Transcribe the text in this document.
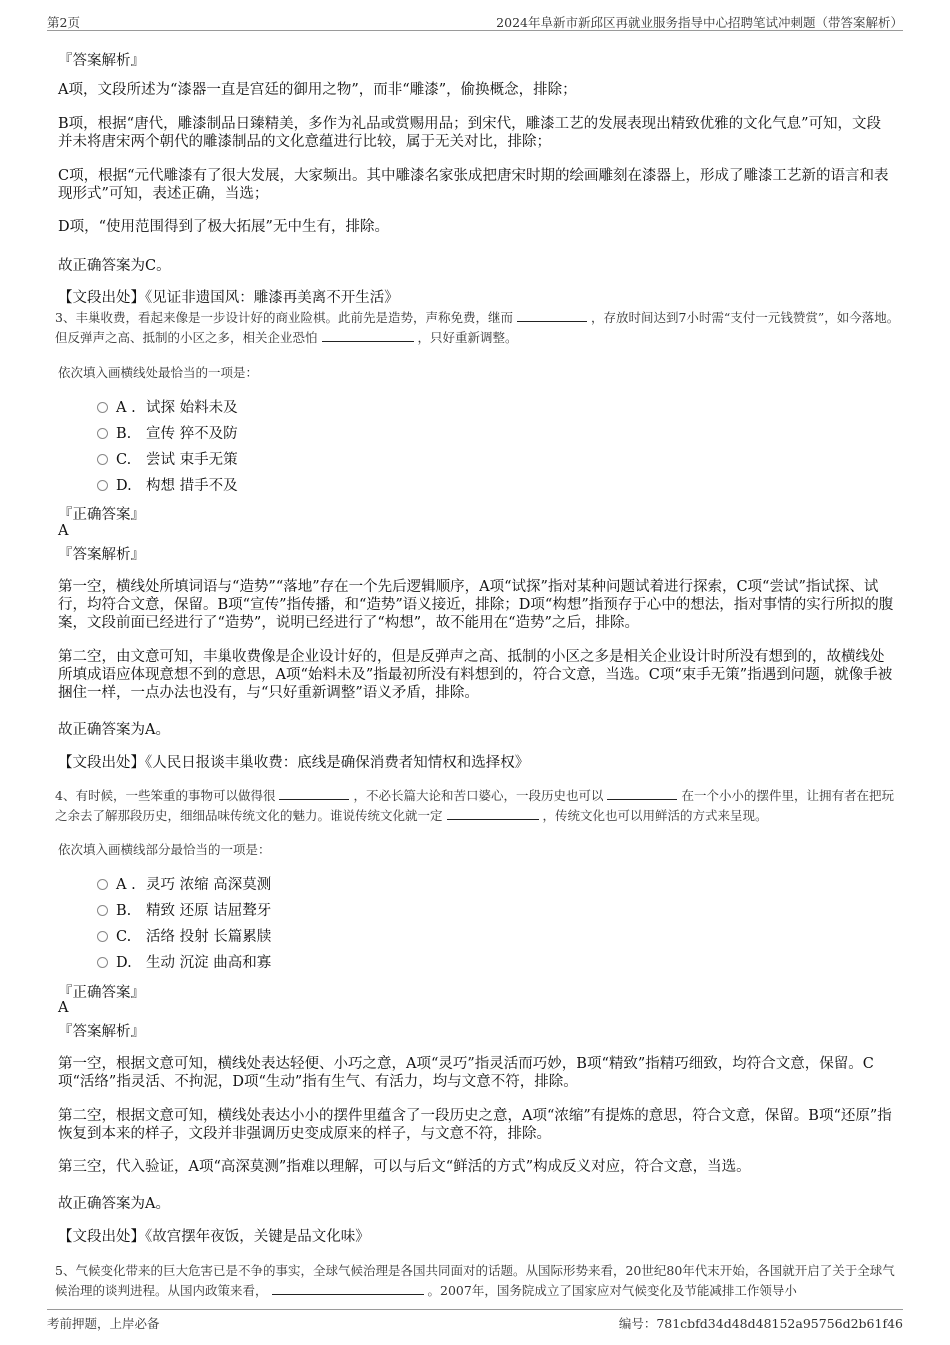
第2页	2024年阜新市新邱区再就业服务指导中心招聘笔试冲刺题（带答案解析）
『答案解析』
A项，文段所述为“漆器一直是宫廷的御用之物”，而非“雕漆”，偷换概念，排除；
B项，根据“唐代，雕漆制品日臻精美，多作为礼品或赏赐用品；到宋代，雕漆工艺的发展表现出精致优雅的文化气息”可知，文段并未将唐宋两个朝代的雕漆制品的文化意蕴进行比较，属于无关对比，排除；
C项，根据“元代雕漆有了很大发展，大家频出。其中雕漆名家张成把唐宋时期的绘画雕刻在漆器上，形成了雕漆工艺新的语言和表现形式”可知，表述正确，当选；
D项，“使用范围得到了极大拓展”无中生有，排除。
故正确答案为C。
【文段出处】《见证非遗国风：雕漆再美离不开生活》
3、丰巢收费，看起来像是一步设计好的商业险棋。此前先是造势，声称免费，继而	，存放时间达到7小时需“支付一元钱赞赏”，如今落地。但反弹声之高、抵制的小区之多，相关企业恐怕	，只好重新调整。
依次填入画横线处最恰当的一项是：
A . 试探 始料未及
B. 宣传 猝不及防
C. 尝试 束手无策
D. 构想 措手不及
『正确答案』
A
『答案解析』
第一空，横线处所填词语与“造势”“落地”存在一个先后逻辑顺序，A项“试探”指对某种问题试着进行探索，C项“尝试”指试探、试行，均符合文意，保留。B项“宣传”指传播，和“造势”语义接近，排除；D项“构想”指预存于心中的想法，指对事情的实行所拟的腹案，文段前面已经进行了“造势”，说明已经进行了“构想”，故不能用在“造势”之后，排除。
第二空，由文意可知，丰巢收费像是企业设计好的，但是反弹声之高、抵制的小区之多是相关企业设计时所没有想到的，故横线处所填成语应体现意想不到的意思，A项“始料未及”指最初所没有料想到的，符合文意，当选。C项“束手无策”指遇到问题，就像手被捆住一样，一点办法也没有，与“只好重新调整”语义矛盾，排除。
故正确答案为A。
【文段出处】《人民日报谈丰巢收费：底线是确保消费者知情权和选择权》
4、有时候，一些笨重的事物可以做得很	，不必长篇大论和苦口婆心，一段历史也可以	在一个小小的摆件里，让拥有者在把玩之余去了解那段历史，细细品味传统文化的魅力。谁说传统文化就一定	，传统文化也可以用鲜活的方式来呈现。
依次填入画横线部分最恰当的一项是：
A . 灵巧 浓缩 高深莫测
B. 精致 还原 诘屈聱牙
C. 活络 投射 长篇累牍
D. 生动 沉淀 曲高和寡
『正确答案』
A
『答案解析』
第一空，根据文意可知，横线处表达轻便、小巧之意，A项“灵巧”指灵活而巧妙，B项“精致”指精巧细致，均符合文意，保留。C项“活络”指灵活、不拘泥，D项“生动”指有生气、有活力，均与文意不符，排除。
第二空，根据文意可知，横线处表达小小的摆件里蕴含了一段历史之意，A项“浓缩”有提炼的意思，符合文意，保留。B项“还原”指恢复到本来的样子，文段并非强调历史变成原来的样子，与文意不符，排除。
第三空，代入验证，A项“高深莫测”指难以理解，可以与后文“鲜活的方式”构成反义对应，符合文意，当选。
故正确答案为A。
【文段出处】《故宫摆年夜饭，关键是品文化味》
5、气候变化带来的巨大危害已是不争的事实，全球气候治理是各国共同面对的话题。从国际形势来看，20世纪80年代末开始，各国就开启了关于全球气候治理的谈判进程。从国内政策来看，	。2007年，国务院成立了国家应对气候变化及节能减排工作领导小
考前押题，上岸必备	编号：781cbfd34d48d48152a95756d2b61f46
